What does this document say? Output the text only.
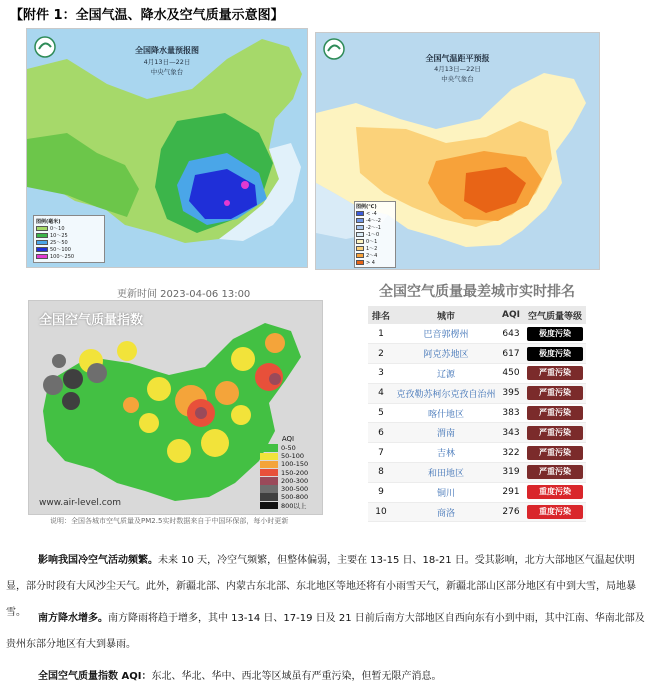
【附件 1：全国气温、降水及空气质量示意图】
全国降水量预报图
4月13日—22日
中央气象台
图例(毫米)
0～10
10～25
25～50
50～100
100～250
全国气温距平预报
4月13日—22日
中央气象台
图例(℃)
< -4
-4～-2
-2～-1
-1～0
0～1
1～2
2～4
> 4
更新时间 2023-04-06 13:00
全国空气质量指数
www.air-level.com
AQI
0-50
50-100
100-150
150-200
200-300
300-500
500-800
800以上
说明：全国各城市空气质量及PM2.5实时数据来自于中国环保部，每小时更新
全国空气质量最差城市实时排名
排名	城市	AQI	空气质量等级
1	巴音郭楞州	643	极度污染
2	阿克苏地区	617	极度污染
3	辽源	450	严重污染
4	克孜勒苏柯尔克孜自治州	395	严重污染
5	喀什地区	383	严重污染
6	渭南	343	严重污染
7	吉林	322	严重污染
8	和田地区	319	严重污染
9	铜川	291	重度污染
10	商洛	276	重度污染
影响我国冷空气活动频繁。未来 10 天，冷空气频繁，但整体偏弱，主要在 13-15 日、18-21 日。受其影响，北方大部地区气温起伏明显，部分时段有大风沙尘天气。此外，新疆北部、内蒙古东北部、东北地区等地还将有小雨雪天气，新疆北部山区部分地区有中到大雪，局地暴雪。
南方降水增多。南方降雨将趋于增多，其中 13-14 日、17-19 日及 21 日前后南方大部地区自西向东有小到中雨，其中江南、华南北部及贵州东部分地区有大到暴雨。
全国空气质量指数 AQI：东北、华北、华中、西北等区域虽有严重污染，但暂无限产消息。
